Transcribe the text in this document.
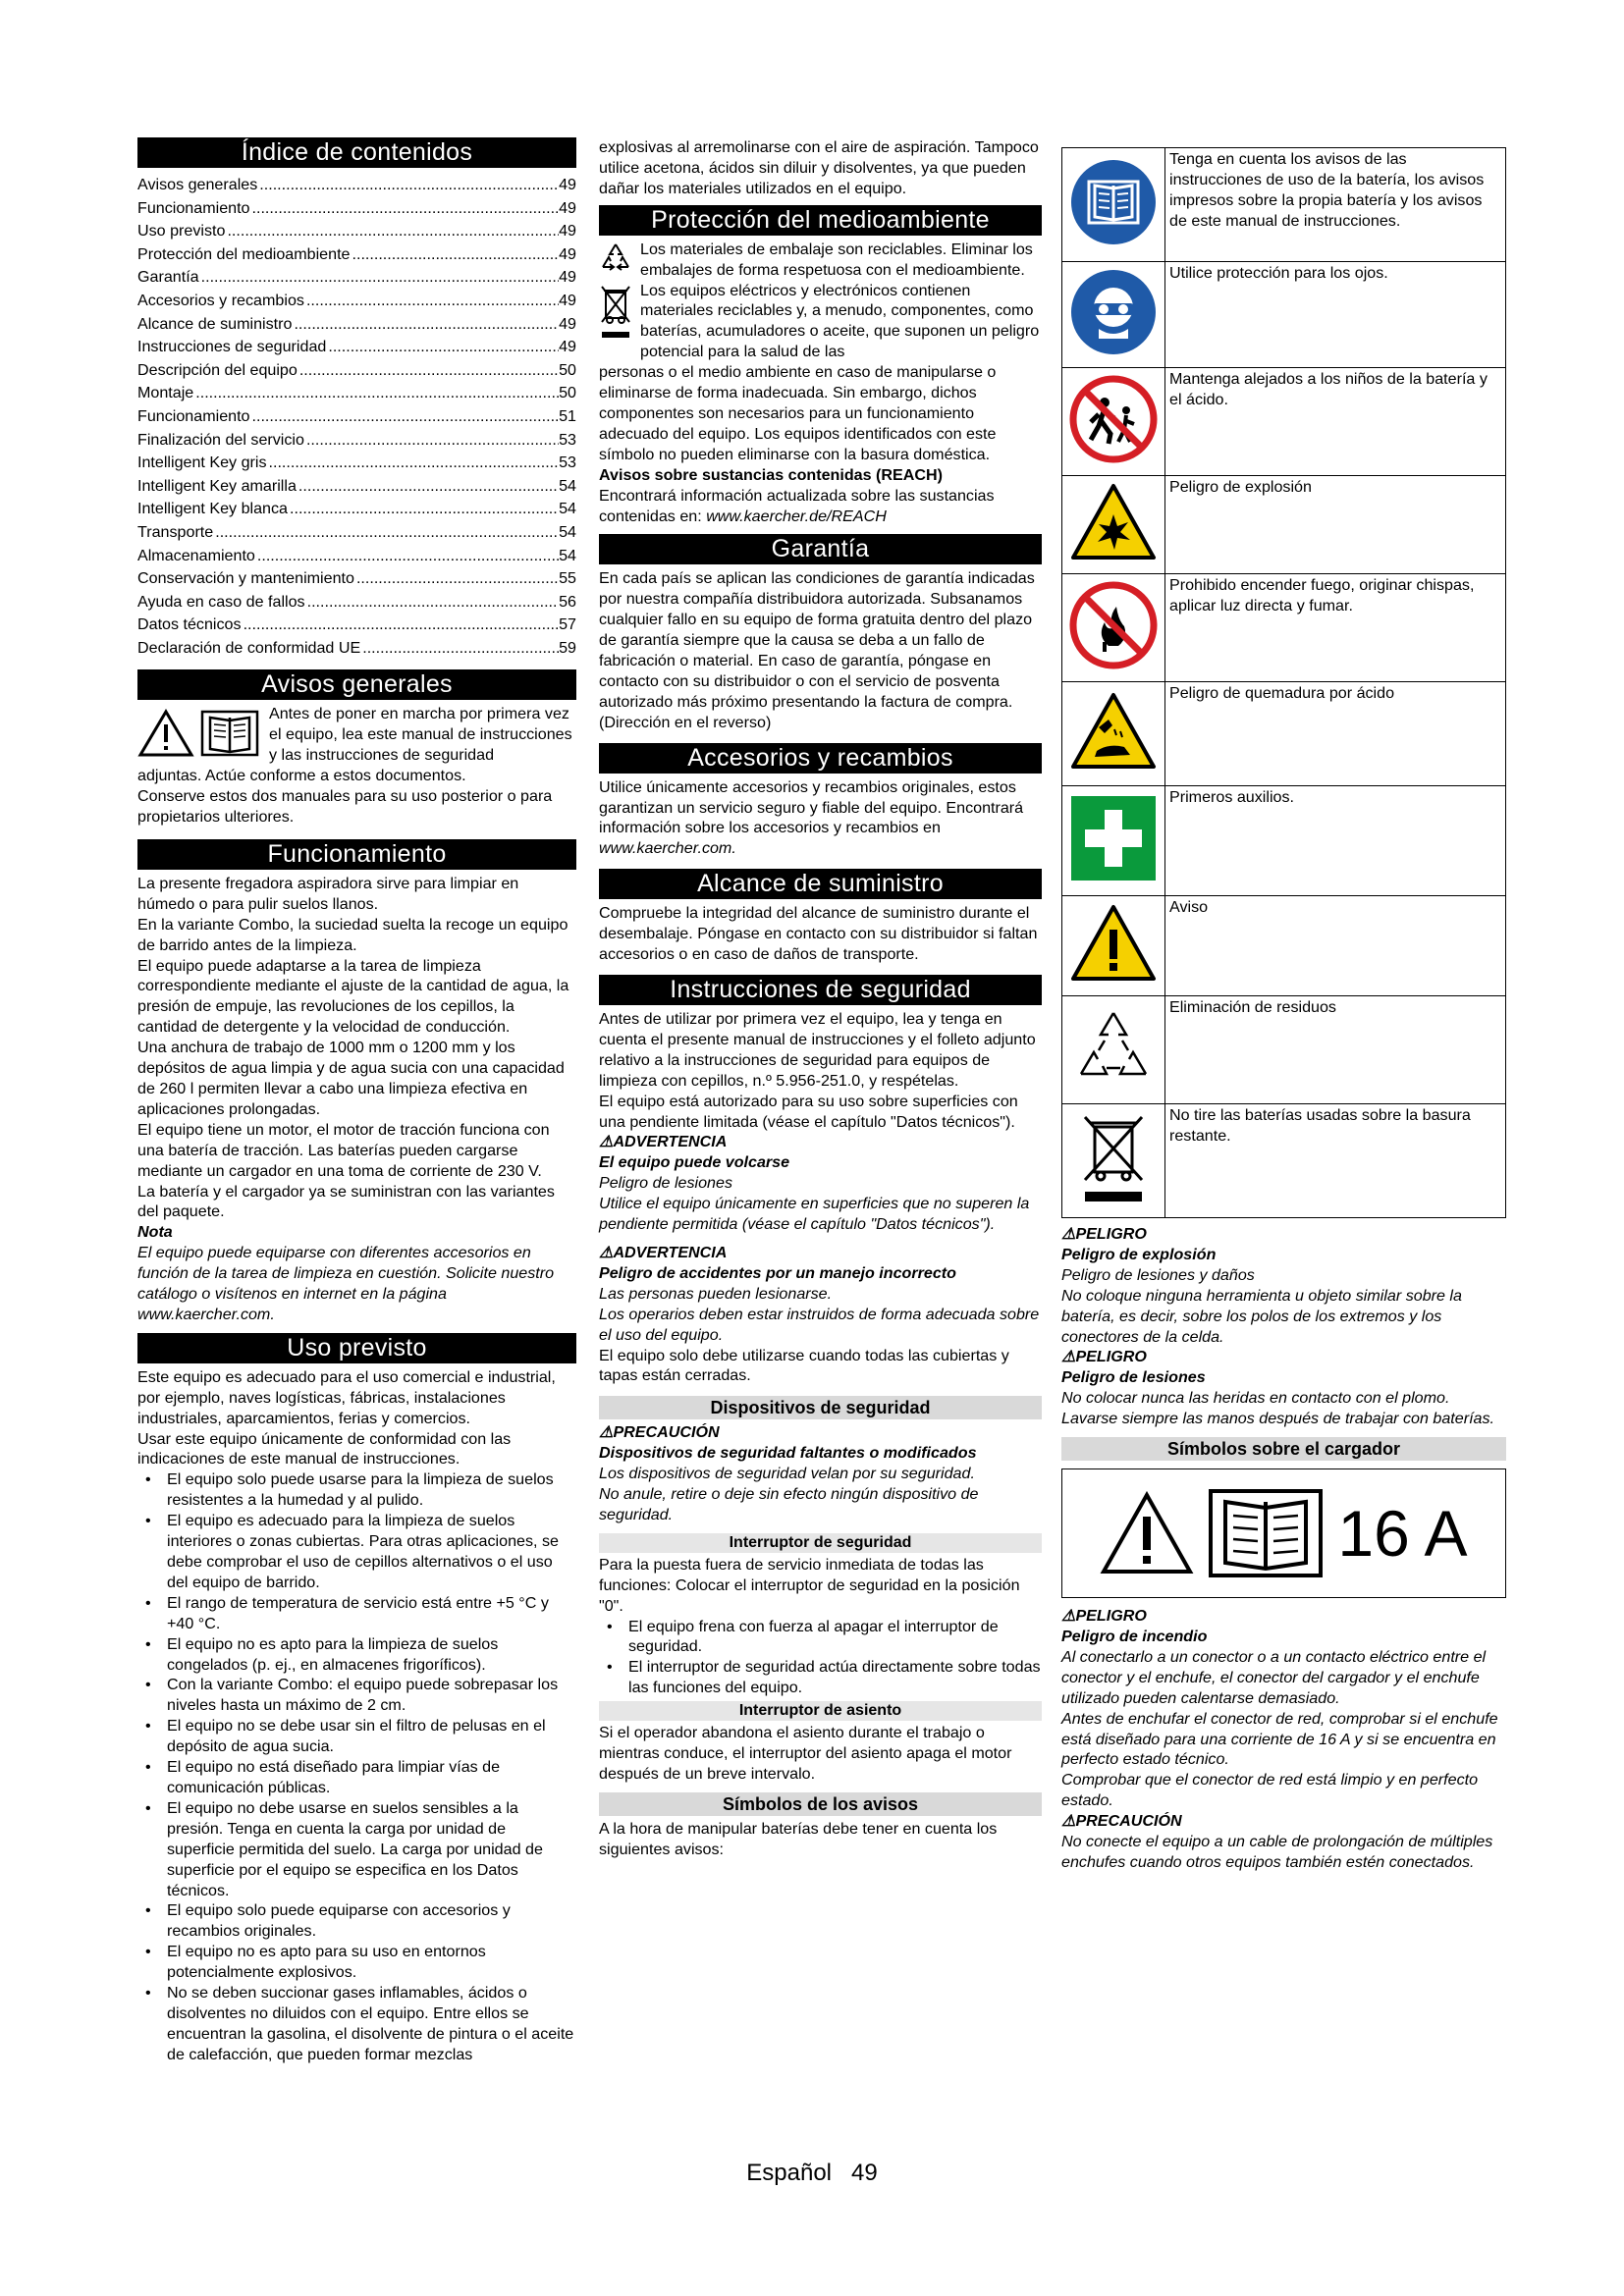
Índice de contenidos
Avisos generales .....	49
Funcionamiento .....	49
Uso previsto .....	49
Protección del medioambiente .....	49
Garantía .....	49
Accesorios y recambios .....	49
Alcance de suministro .....	49
Instrucciones de seguridad .....	49
Descripción del equipo .....	50
Montaje .....	50
Funcionamiento .....	51
Finalización del servicio .....	53
Intelligent Key gris .....	53
Intelligent Key amarilla .....	54
Intelligent Key blanca .....	54
Transporte .....	54
Almacenamiento .....	54
Conservación y mantenimiento .....	55
Ayuda en caso de fallos .....	56
Datos técnicos .....	57
Declaración de conformidad UE .....	59
Avisos generales

Antes de poner en marcha por primera vez el equipo, lea este manual de instrucciones y las instrucciones de seguridad

adjuntas. Actúe conforme a estos documentos.

Conserve estos dos manuales para su uso posterior o para propietarios ulteriores.

Funcionamiento

La presente fregadora aspiradora sirve para limpiar en húmedo o para pulir suelos llanos.

En la variante Combo, la suciedad suelta la recoge un equipo de barrido antes de la limpieza.

El equipo puede adaptarse a la tarea de limpieza correspondiente mediante el ajuste de la cantidad de agua, la presión de empuje, las revoluciones de los cepillos, la cantidad de detergente y la velocidad de conducción.

Una anchura de trabajo de 1000 mm o 1200 mm y los depósitos de agua limpia y de agua sucia con una capacidad de 260 l permiten llevar a cabo una limpieza efectiva en aplicaciones prolongadas.

El equipo tiene un motor, el motor de tracción funciona con una batería de tracción. Las baterías pueden cargarse mediante un cargador en una toma de corriente de 230 V.

La batería y el cargador ya se suministran con las variantes del paquete.

Nota

El equipo puede equiparse con diferentes accesorios en función de la tarea de limpieza en cuestión. Solicite nuestro catálogo o visítenos en internet en la página www.kaercher.com.

Uso previsto

Este equipo es adecuado para el uso comercial e industrial, por ejemplo, naves logísticas, fábricas, instalaciones industriales, aparcamientos, ferias y comercios.

Usar este equipo únicamente de conformidad con las indicaciones de este manual de instrucciones.

• El equipo solo puede usarse para la limpieza de suelos resistentes a la humedad y al pulido.
• El equipo es adecuado para la limpieza de suelos interiores o zonas cubiertas. Para otras aplicaciones, se debe comprobar el uso de cepillos alternativos o el uso del equipo de barrido.
• El rango de temperatura de servicio está entre +5 °C y +40 °C.
• El equipo no es apto para la limpieza de suelos congelados (p. ej., en almacenes frigoríficos).
• Con la variante Combo: el equipo puede sobrepasar los niveles hasta un máximo de 2 cm.
• El equipo no se debe usar sin el filtro de pelusas en el depósito de agua sucia.
• El equipo no está diseñado para limpiar vías de comunicación públicas.
• El equipo no debe usarse en suelos sensibles a la presión. Tenga en cuenta la carga por unidad de superficie permitida del suelo. La carga por unidad de superficie por el equipo se especifica en los Datos técnicos.
• El equipo solo puede equiparse con accesorios y recambios originales.
• El equipo no es apto para su uso en entornos potencialmente explosivos.
• No se deben succionar gases inflamables, ácidos o disolventes no diluidos con el equipo. Entre ellos se encuentran la gasolina, el disolvente de pintura o el aceite de calefacción, que pueden formar mezclas

explosivas al arremolinarse con el aire de aspiración. Tampoco utilice acetona, ácidos sin diluir y disolventes, ya que pueden dañar los materiales utilizados en el equipo.

Protección del medioambiente

Los materiales de embalaje son reciclables. Eliminar los embalajes de forma respetuosa con el medioambiente.

Los equipos eléctricos y electrónicos contienen materiales reciclables y, a menudo, componentes, como baterías, acumuladores o aceite, que suponen un peligro potencial para la salud de las

personas o el medio ambiente en caso de manipularse o eliminarse de forma inadecuada. Sin embargo, dichos componentes son necesarios para un funcionamiento adecuado del equipo. Los equipos identificados con este símbolo no pueden eliminarse con la basura doméstica.

Avisos sobre sustancias contenidas (REACH)

Encontrará información actualizada sobre las sustancias contenidas en: www.kaercher.de/REACH

Garantía

En cada país se aplican las condiciones de garantía indicadas por nuestra compañía distribuidora autorizada. Subsanamos cualquier fallo en su equipo de forma gratuita dentro del plazo de garantía siempre que la causa se deba a un fallo de fabricación o material. En caso de garantía, póngase en contacto con su distribuidor o con el servicio de posventa autorizado más próximo presentando la factura de compra.

(Dirección en el reverso)

Accesorios y recambios

Utilice únicamente accesorios y recambios originales, estos garantizan un servicio seguro y fiable del equipo. Encontrará información sobre los accesorios y recambios en www.kaercher.com.

Alcance de suministro

Compruebe la integridad del alcance de suministro durante el desembalaje. Póngase en contacto con su distribuidor si faltan accesorios o en caso de daños de transporte.

Instrucciones de seguridad

Antes de utilizar por primera vez el equipo, lea y tenga en cuenta el presente manual de instrucciones y el folleto adjunto relativo a la instrucciones de seguridad para equipos de limpieza con cepillos, n.º 5.956-251.0, y respételas.

El equipo está autorizado para su uso sobre superficies con una pendiente limitada (véase el capítulo "Datos técnicos").

⚠ADVERTENCIA

El equipo puede volcarse

Peligro de lesiones

Utilice el equipo únicamente en superficies que no superen la pendiente permitida (véase el capítulo "Datos técnicos").

⚠ADVERTENCIA

Peligro de accidentes por un manejo incorrecto

Las personas pueden lesionarse.

Los operarios deben estar instruidos de forma adecuada sobre el uso del equipo.

El equipo solo debe utilizarse cuando todas las cubiertas y tapas están cerradas.

Dispositivos de seguridad

⚠PRECAUCIÓN

Dispositivos de seguridad faltantes o modificados

Los dispositivos de seguridad velan por su seguridad.

No anule, retire o deje sin efecto ningún dispositivo de seguridad.

Interruptor de seguridad

Para la puesta fuera de servicio inmediata de todas las funciones: Colocar el interruptor de seguridad en la posición "0".

• El equipo frena con fuerza al apagar el interruptor de seguridad.
• El interruptor de seguridad actúa directamente sobre todas las funciones del equipo.
Interruptor de asiento

Si el operador abandona el asiento durante el trabajo o mientras conduce, el interruptor del asiento apaga el motor después de un breve intervalo.

Símbolos de los avisos

A la hora de manipular baterías debe tener en cuenta los siguientes avisos:

	Tenga en cuenta los avisos de las instrucciones de uso de la batería, los avisos impresos sobre la propia batería y los avisos de este manual de instrucciones.
	Utilice protección para los ojos.
	Mantenga alejados a los niños de la batería y el ácido.
	Peligro de explosión
	Prohibido encender fuego, originar chispas, aplicar luz directa y fumar.
	Peligro de quemadura por ácido
	Primeros auxilios.
	Aviso
	Eliminación de residuos
	No tire las baterías usadas sobre la basura restante.

⚠PELIGRO

Peligro de explosión

Peligro de lesiones y daños

No coloque ninguna herramienta u objeto similar sobre la batería, es decir, sobre los polos de los extremos y los conectores de la celda.

⚠PELIGRO

Peligro de lesiones

No colocar nunca las heridas en contacto con el plomo. Lavarse siempre las manos después de trabajar con baterías.

Símbolos sobre el cargador
16 A

⚠PELIGRO

Peligro de incendio

Al conectarlo a un conector o a un contacto eléctrico entre el conector y el enchufe, el conector del cargador y el enchufe utilizado pueden calentarse demasiado.

Antes de enchufar el conector de red, comprobar si el enchufe está diseñado para una corriente de 16 A y si se encuentra en perfecto estado técnico.

Comprobar que el conector de red está limpio y en perfecto estado.

⚠PRECAUCIÓN

No conecte el equipo a un cable de prolongación de múltiples enchufes cuando otros equipos también estén conectados.

Español 49
